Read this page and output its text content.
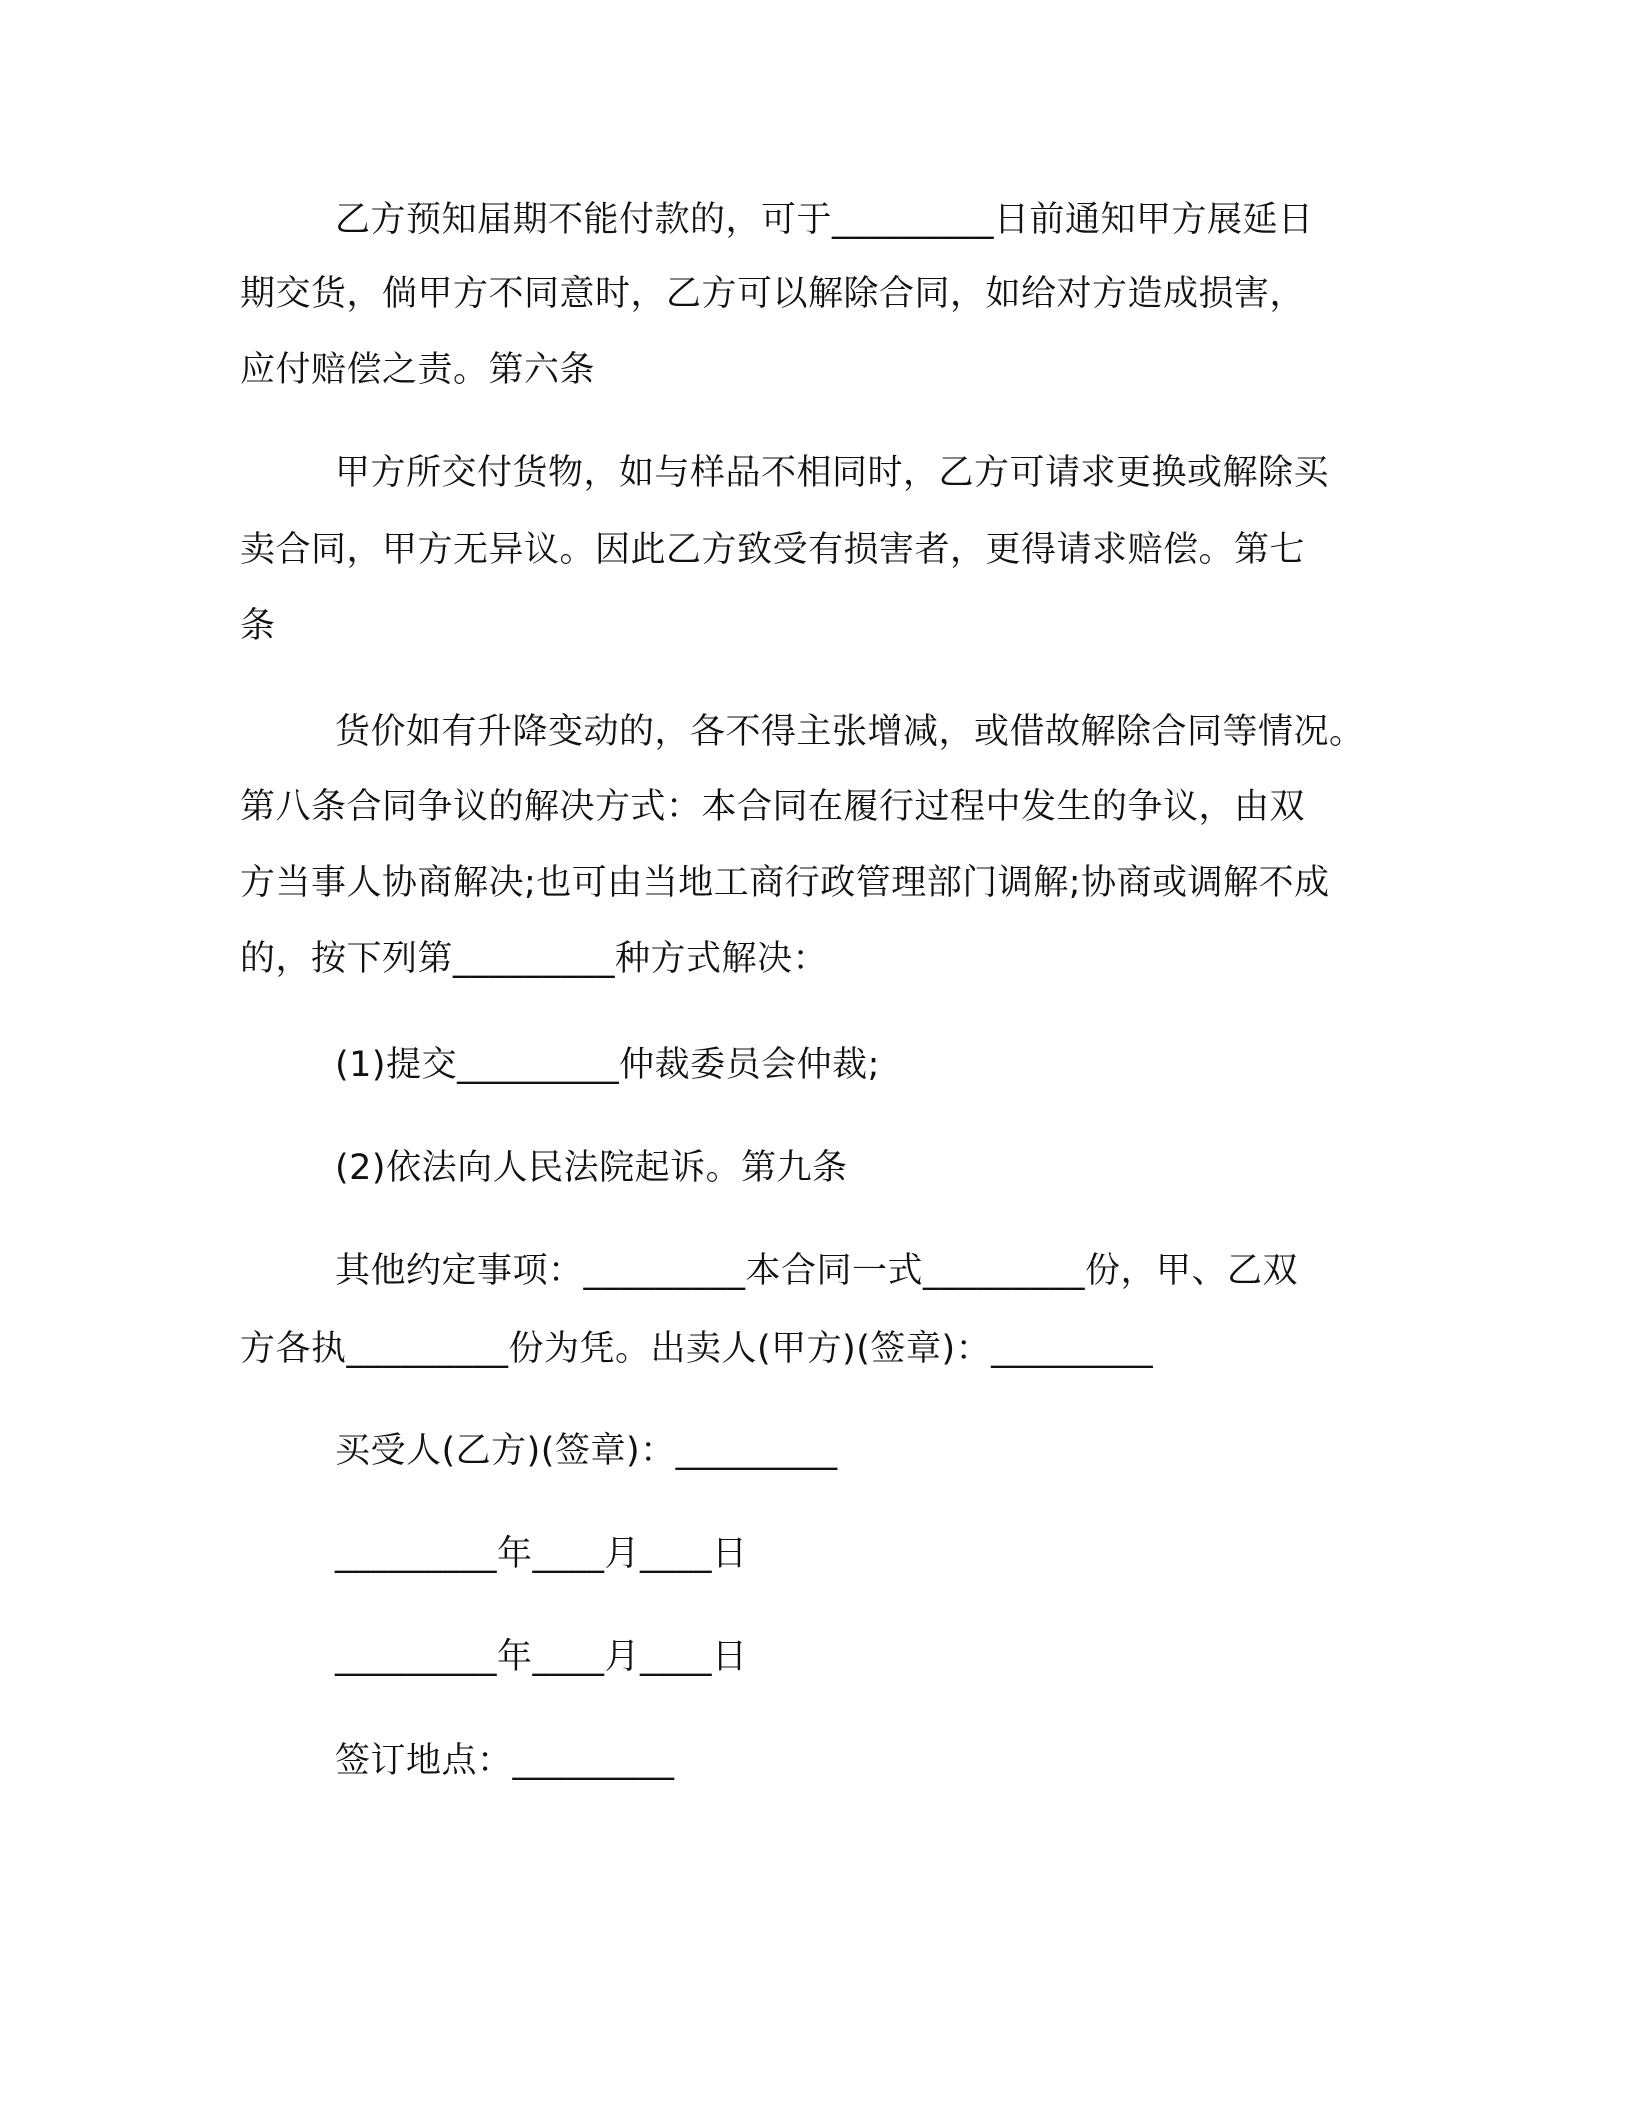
乙方预知届期不能付款的，可于_________日前通知甲方展延日
期交货，倘甲方不同意时，乙方可以解除合同，如给对方造成损害，
应付赔偿之责。第六条
甲方所交付货物，如与样品不相同时，乙方可请求更换或解除买
卖合同，甲方无异议。因此乙方致受有损害者，更得请求赔偿。第七
条
货价如有升降变动的，各不得主张增减，或借故解除合同等情况。
第八条合同争议的解决方式：本合同在履行过程中发生的争议，由双
方当事人协商解决;也可由当地工商行政管理部门调解;协商或调解不成
的，按下列第_________种方式解决：
(1)提交_________仲裁委员会仲裁;
(2)依法向人民法院起诉。第九条
其他约定事项：_________本合同一式_________份，甲、乙双
方各执_________份为凭。出卖人(甲方)(签章)：_________
买受人(乙方)(签章)：_________
_________年____月____日
_________年____月____日
签订地点：_________
